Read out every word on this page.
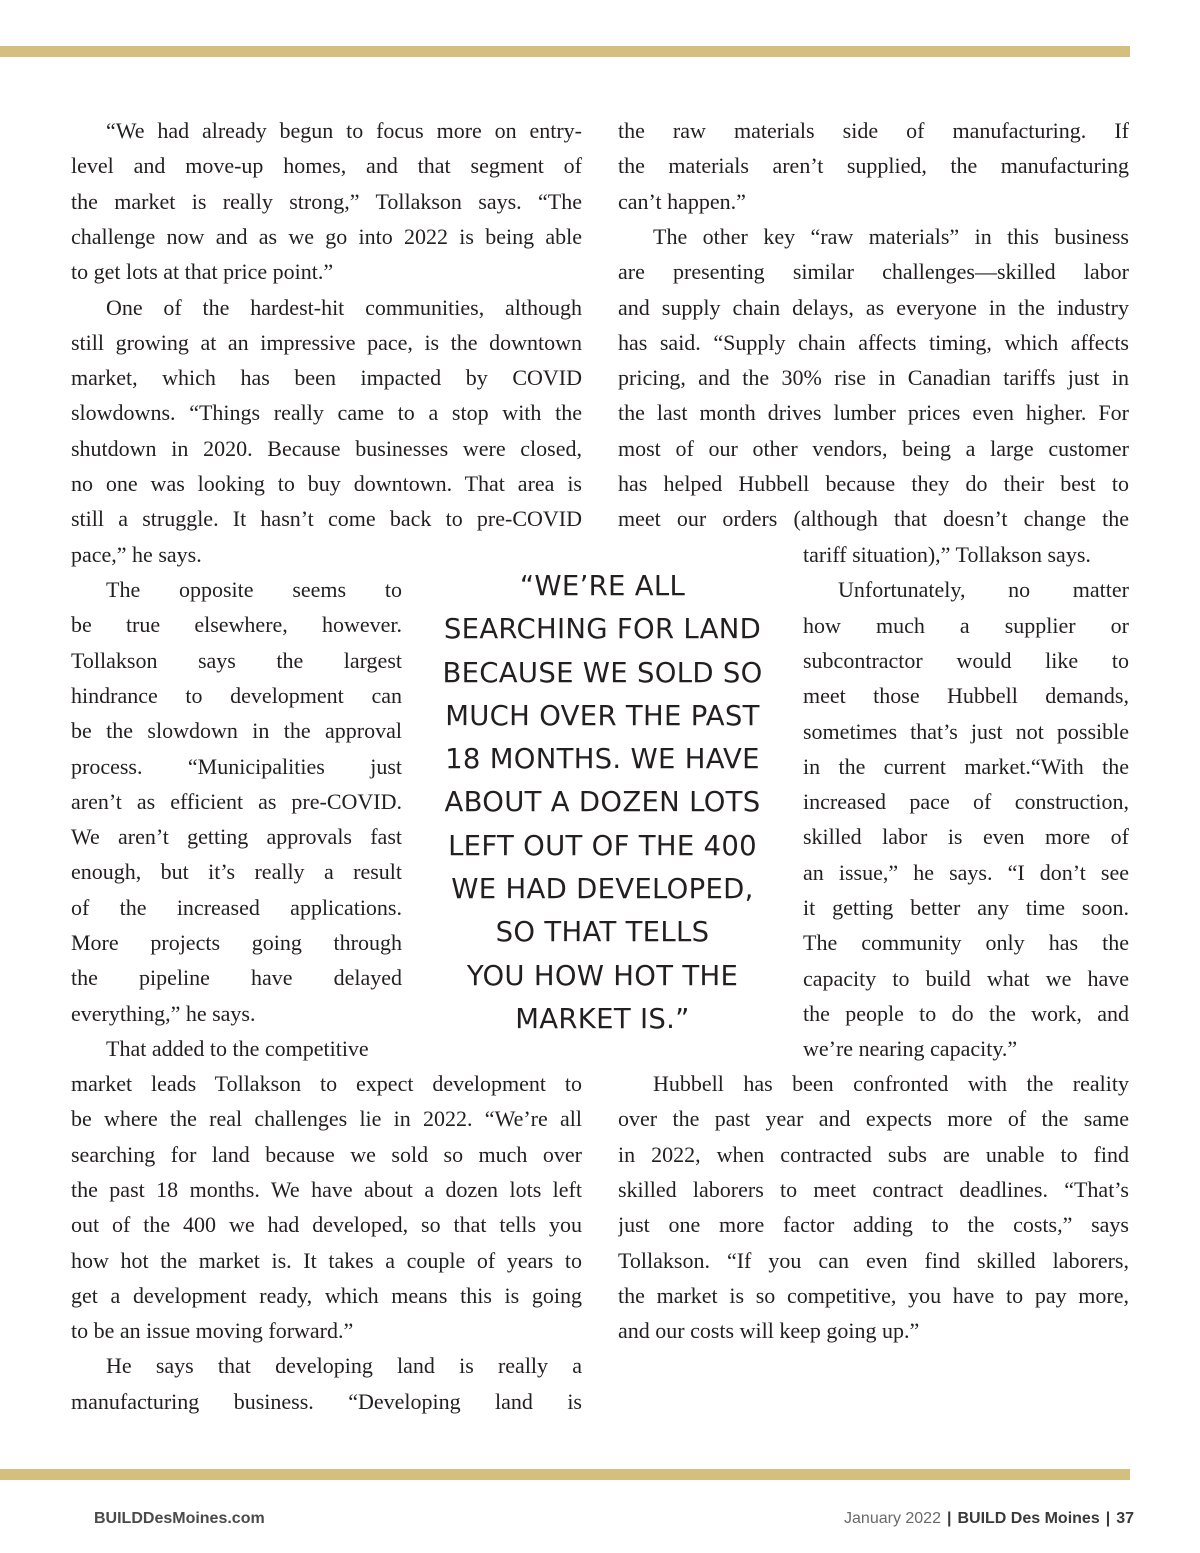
“We had already begun to focus more on entry-
level and move-up homes, and that segment of
the market is really strong,” Tollakson says. “The
challenge now and as we go into 2022 is being able
to get lots at that price point.”
One of the hardest-hit communities, although
still growing at an impressive pace, is the downtown
market, which has been impacted by COVID
slowdowns. “Things really came to a stop with the
shutdown in 2020. Because businesses were closed,
no one was looking to buy downtown. That area is
still a struggle. It hasn’t come back to pre-COVID
pace,” he says.
The opposite seems to
be true elsewhere, however.
Tollakson says the largest
hindrance to development can
be the slowdown in the approval
process. “Municipalities just
aren’t as efficient as pre-COVID.
We aren’t getting approvals fast
enough, but it’s really a result
of the increased applications.
More projects going through
the pipeline have delayed
everything,” he says.
That added to the competitive
market leads Tollakson to expect development to
be where the real challenges lie in 2022. “We’re all
searching for land because we sold so much over
the past 18 months. We have about a dozen lots left
out of the 400 we had developed, so that tells you
how hot the market is. It takes a couple of years to
get a development ready, which means this is going
to be an issue moving forward.”
He says that developing land is really a
manufacturing business. “Developing land is
the raw materials side of manufacturing. If
the materials aren’t supplied, the manufacturing
can’t happen.”
The other key “raw materials” in this business
are presenting similar challenges—skilled labor
and supply chain delays, as everyone in the industry
has said. “Supply chain affects timing, which affects
pricing, and the 30% rise in Canadian tariffs just in
the last month drives lumber prices even higher. For
most of our other vendors, being a large customer
has helped Hubbell because they do their best to
meet our orders (although that doesn’t change the
tariff situation),” Tollakson says.
Unfortunately, no matter
how much a supplier or
subcontractor would like to
meet those Hubbell demands,
sometimes that’s just not possible
in the current market.“With the
increased pace of construction,
skilled labor is even more of
an issue,” he says. “I don’t see
it getting better any time soon.
The community only has the
capacity to build what we have
the people to do the work, and
we’re nearing capacity.”
Hubbell has been confronted with the reality
over the past year and expects more of the same
in 2022, when contracted subs are unable to find
skilled laborers to meet contract deadlines. “That’s
just one more factor adding to the costs,” says
Tollakson. “If you can even find skilled laborers,
the market is so competitive, you have to pay more,
and our costs will keep going up.”
“WE’RE ALL
SEARCHING FOR LAND
BECAUSE WE SOLD SO
MUCH OVER THE PAST
18 MONTHS. WE HAVE
ABOUT A DOZEN LOTS
LEFT OUT OF THE 400
WE HAD DEVELOPED,
SO THAT TELLS
YOU HOW HOT THE
MARKET IS.”
BUILDDesMoines.com	January 2022 | BUILD Des Moines | 37
